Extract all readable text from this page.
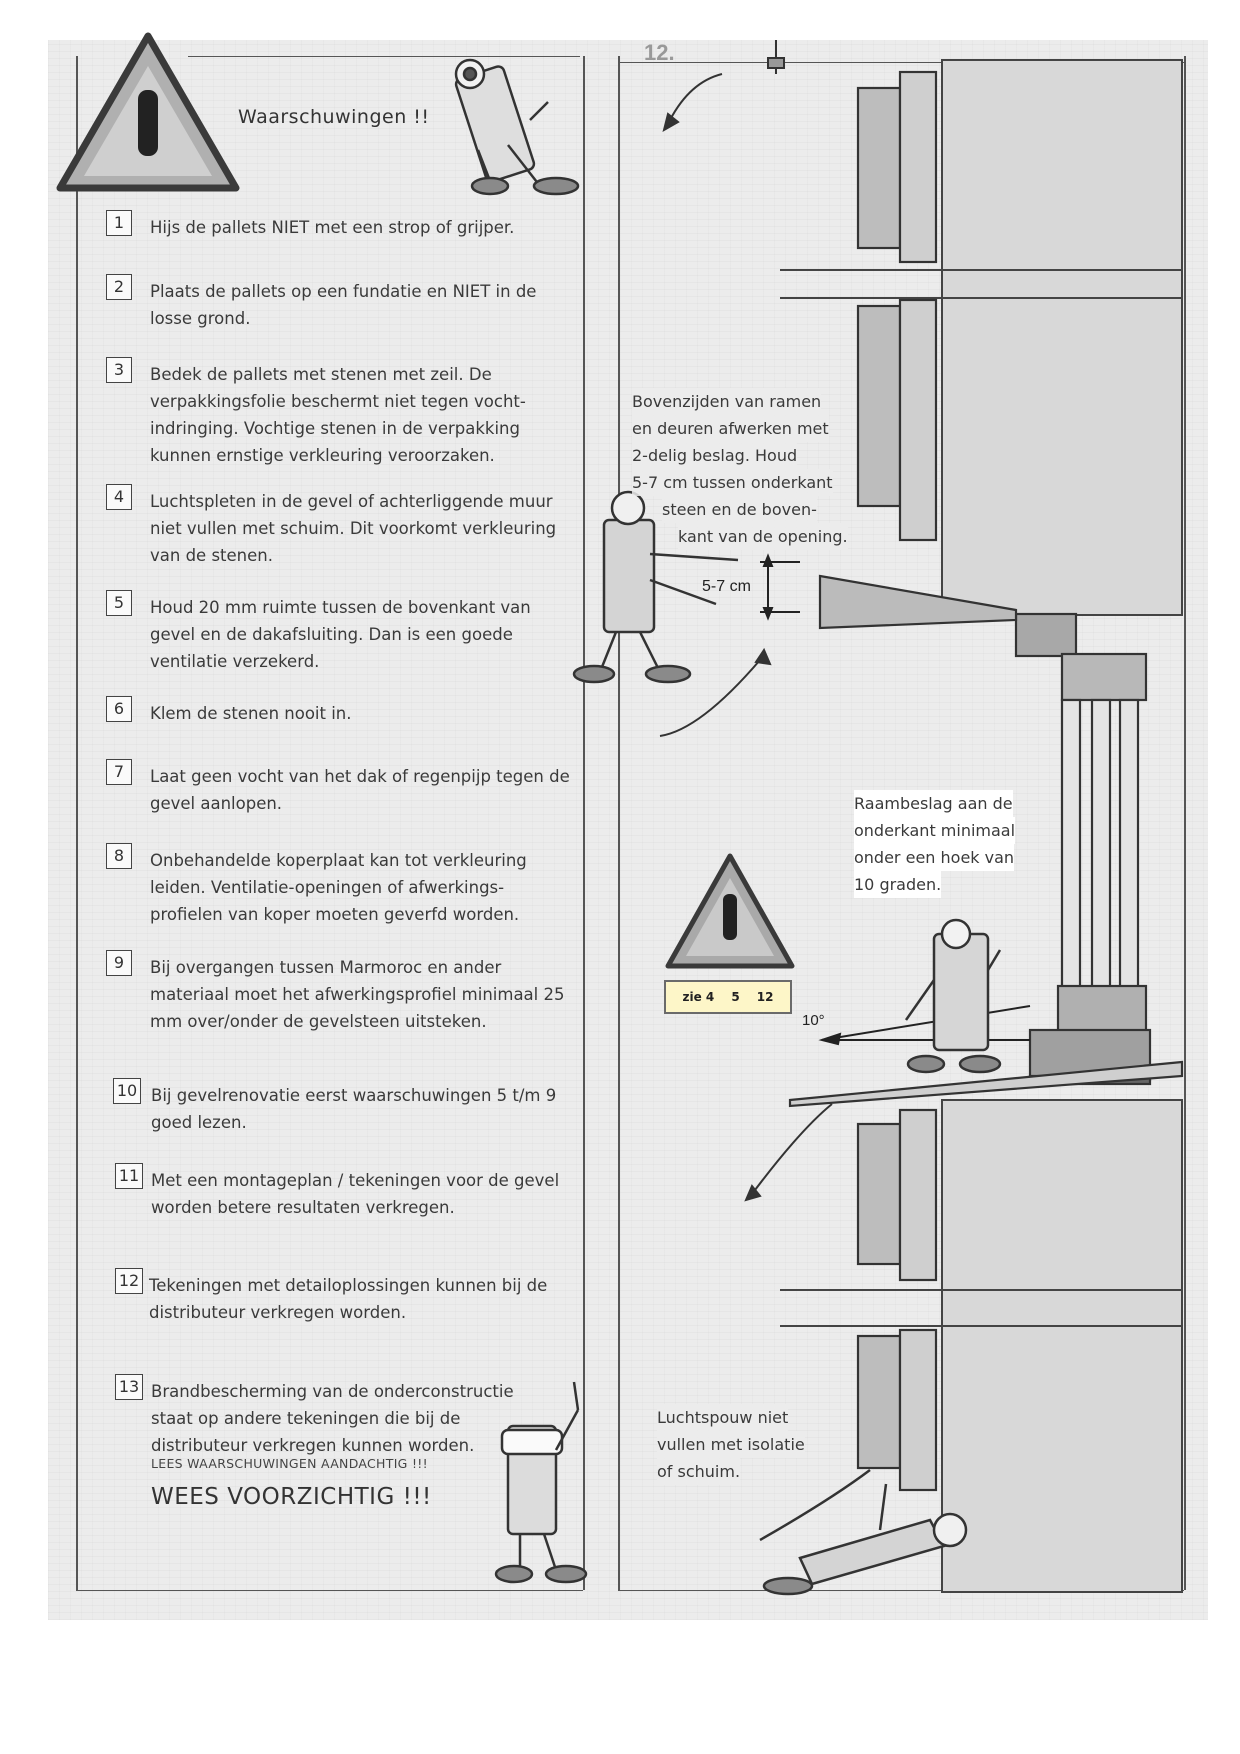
Waarschuwingen !!
12.
1	Hijs de pallets NIET met een strop of grijper.
2	Plaats de pallets op een fundatie en NIET in de losse grond.
3	Bedek de pallets met stenen met zeil. De verpakkingsfolie beschermt niet tegen vocht-indringing. Vochtige stenen in de verpakking kunnen ernstige verkleuring veroorzaken.
4	Luchtspleten in de gevel of achterliggende muur niet vullen met schuim. Dit voorkomt verkleuring van de stenen.
5	Houd 20 mm ruimte tussen de bovenkant van gevel en de dakafsluiting. Dan is een goede ventilatie verzekerd.
6	Klem de stenen nooit in.
7	Laat geen vocht van het dak of regenpijp tegen de gevel aanlopen.
8	Onbehandelde koperplaat kan tot verkleuring leiden. Ventilatie-openingen of afwerkings-profielen van koper moeten geverfd worden.
9	Bij overgangen tussen Marmoroc en ander materiaal moet het afwerkingsprofiel minimaal 25 mm over/onder de gevelsteen uitsteken.
10 Bij gevelrenovatie eerst waarschuwingen 5 t/m 9 goed lezen.
11 Met een montageplan / tekeningen voor de gevel worden betere resultaten verkregen.
12 Tekeningen met detailoplossingen kunnen bij de distributeur verkregen worden.
13 Brandbescherming van de onderconstructie staat op andere tekeningen die bij de distributeur verkregen kunnen worden.
LEES WAARSCHUWINGEN AANDACHTIG !!!
WEES VOORZICHTIG !!!
Bovenzijden van ramen
en deuren afwerken met
2-delig beslag. Houd
5-7 cm tussen onderkant
steen en de boven-
kant van de opening.
5-7 cm
Raambeslag aan de
onderkant minimaal
onder een hoek van
10 graden.
zie 4 5 12
10°
Luchtspouw niet
vullen met isolatie
of schuim.
